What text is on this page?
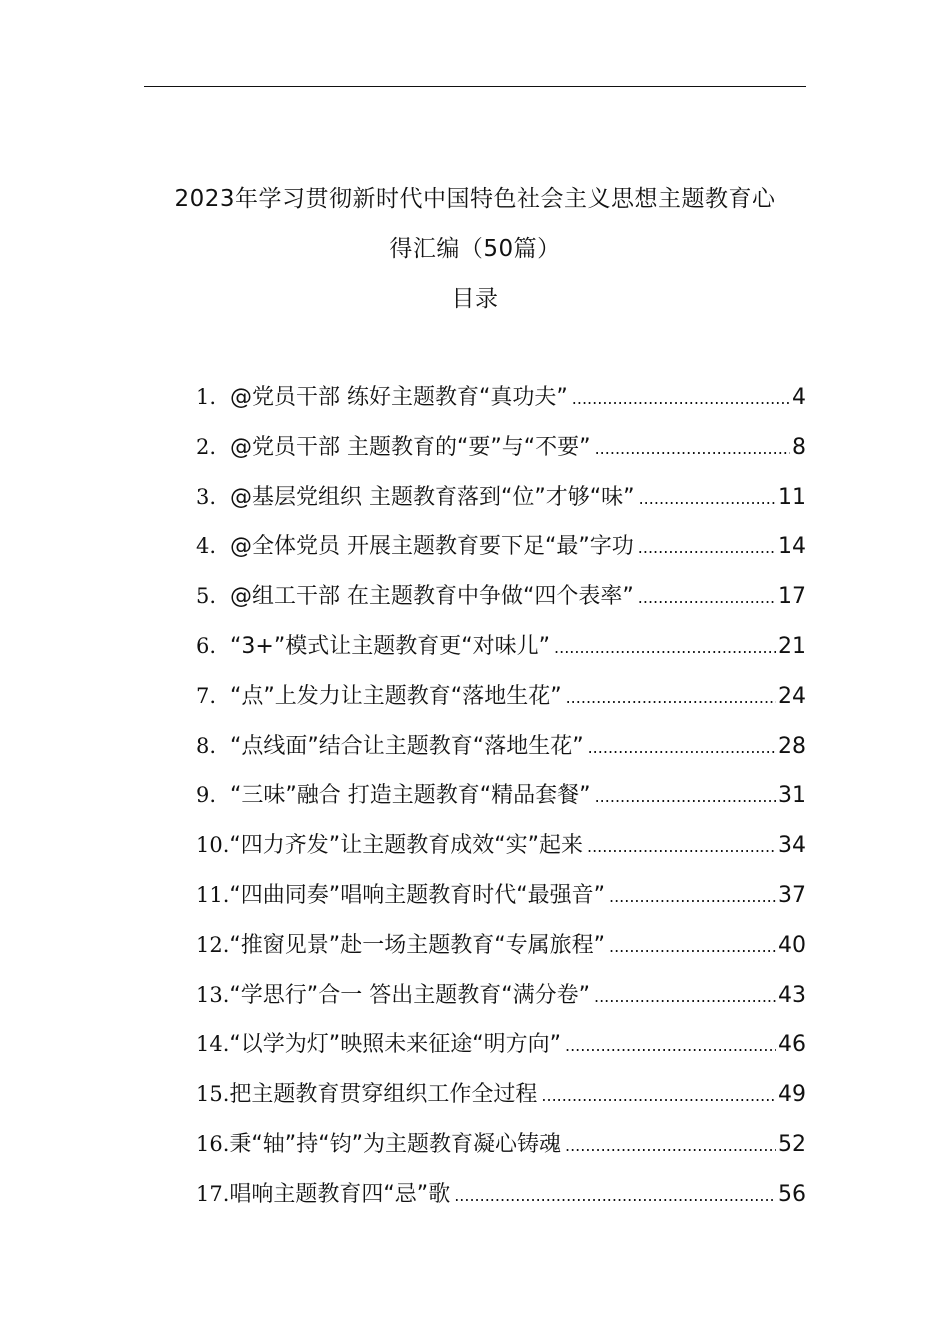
2023年学习贯彻新时代中国特色社会主义思想主题教育心
得汇编（50篇）
目录
1. @党员干部 练好主题教育“真功夫” .....	4
2. @党员干部 主题教育的“要”与“不要” .....	8
3. @基层党组织 主题教育落到“位”才够“味” .....	11
4. @全体党员 开展主题教育要下足“最”字功 .....	14
5. @组工干部 在主题教育中争做“四个表率” .....	17
6. “3+”模式让主题教育更“对味儿” .....	21
7. “点”上发力让主题教育“落地生花” .....	24
8. “点线面”结合让主题教育“落地生花” .....	28
9. “三味”融合 打造主题教育“精品套餐” .....	31
10. “四力齐发”让主题教育成效“实”起来 .....	34
11. “四曲同奏”唱响主题教育时代“最强音” .....	37
12. “推窗见景”赴一场主题教育“专属旅程” .....	40
13. “学思行”合一 答出主题教育“满分卷” .....	43
14. “以学为灯”映照未来征途“明方向” .....	46
15. 把主题教育贯穿组织工作全过程 .....	49
16. 秉“轴”持“钧”为主题教育凝心铸魂 .....	52
17. 唱响主题教育四“忌”歌 .....	56
